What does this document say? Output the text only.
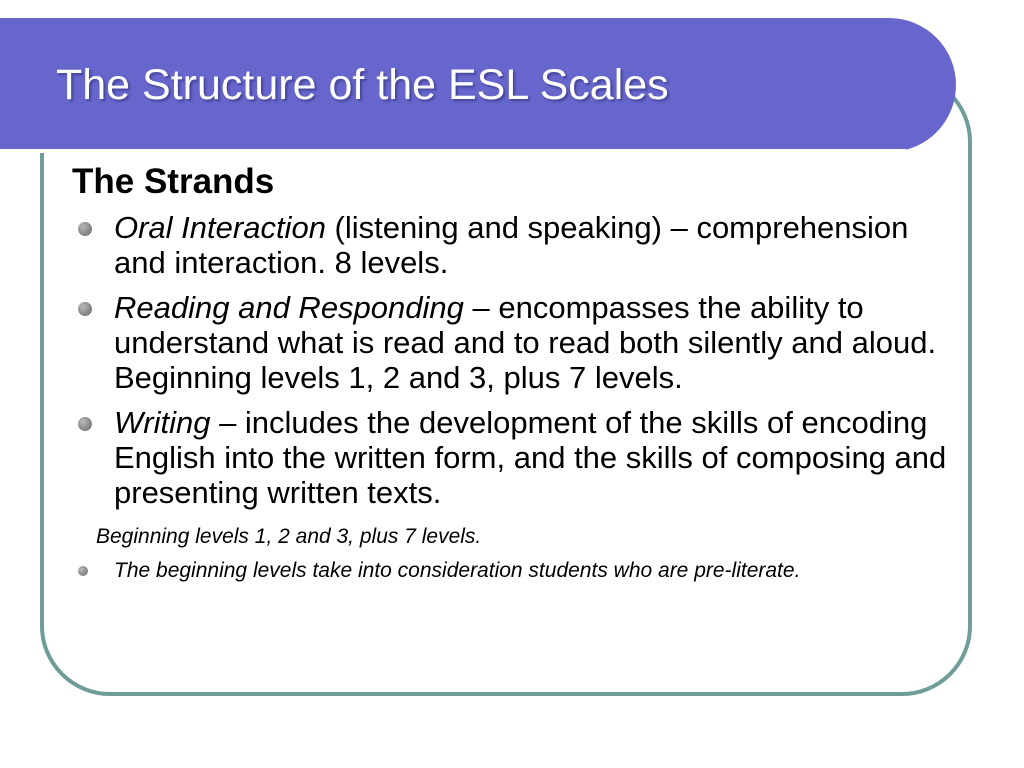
The Structure of the ESL Scales
The Strands
Oral Interaction (listening and speaking) – comprehension and interaction. 8 levels.
Reading and Responding – encompasses the ability to understand what is read and to read both silently and aloud. Beginning levels 1, 2 and 3, plus 7 levels.
Writing – includes the development of the skills of encoding English into the written form, and the skills of composing and presenting written texts.

Beginning levels 1, 2 and 3, plus 7 levels.

The beginning levels take into consideration students who are pre-literate.
